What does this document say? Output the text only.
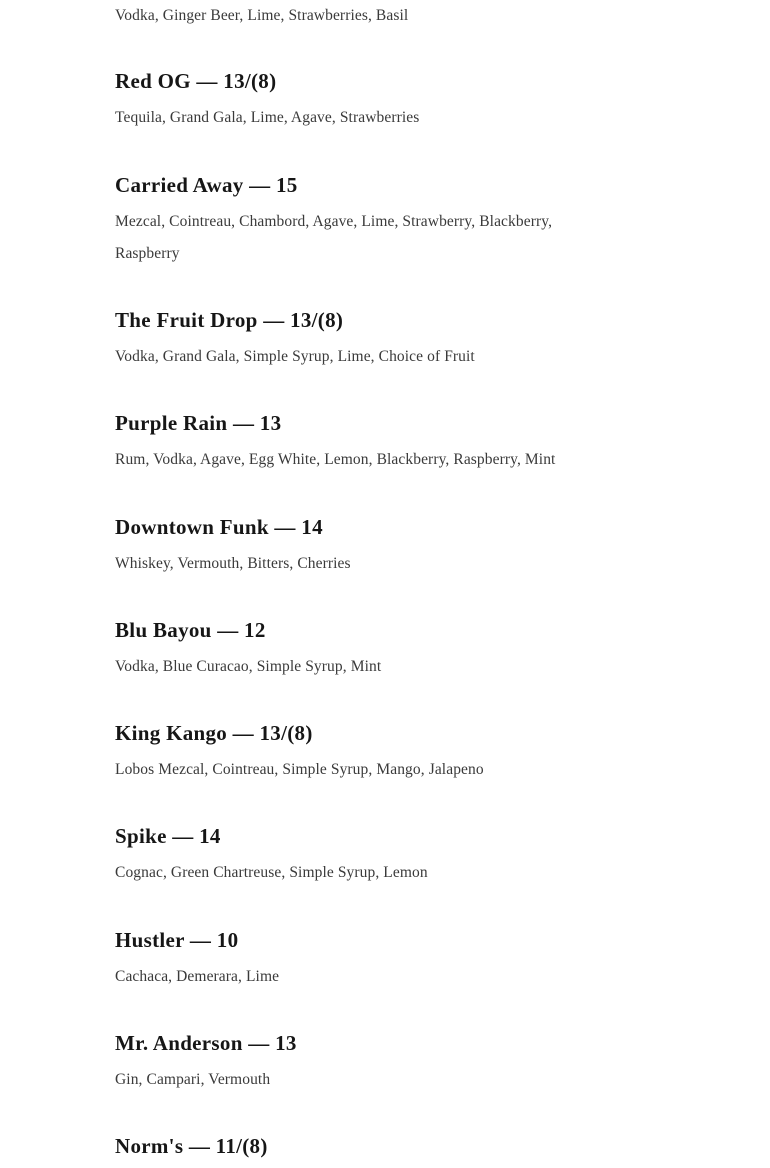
Vodka, Ginger Beer, Lime, Strawberries, Basil
Red OG — 13/(8)
Tequila, Grand Gala, Lime, Agave, Strawberries
Carried Away — 15
Mezcal, Cointreau, Chambord, Agave, Lime, Strawberry, Blackberry, Raspberry
The Fruit Drop — 13/(8)
Vodka, Grand Gala, Simple Syrup, Lime, Choice of Fruit
Purple Rain — 13
Rum, Vodka, Agave, Egg White, Lemon, Blackberry, Raspberry, Mint
Downtown Funk — 14
Whiskey, Vermouth, Bitters, Cherries
Blu Bayou — 12
Vodka, Blue Curacao, Simple Syrup, Mint
King Kango — 13/(8)
Lobos Mezcal, Cointreau, Simple Syrup, Mango, Jalapeno
Spike — 14
Cognac, Green Chartreuse, Simple Syrup, Lemon
Hustler — 10
Cachaca, Demerara, Lime
Mr. Anderson — 13
Gin, Campari, Vermouth
Norm's — 11/(8)
